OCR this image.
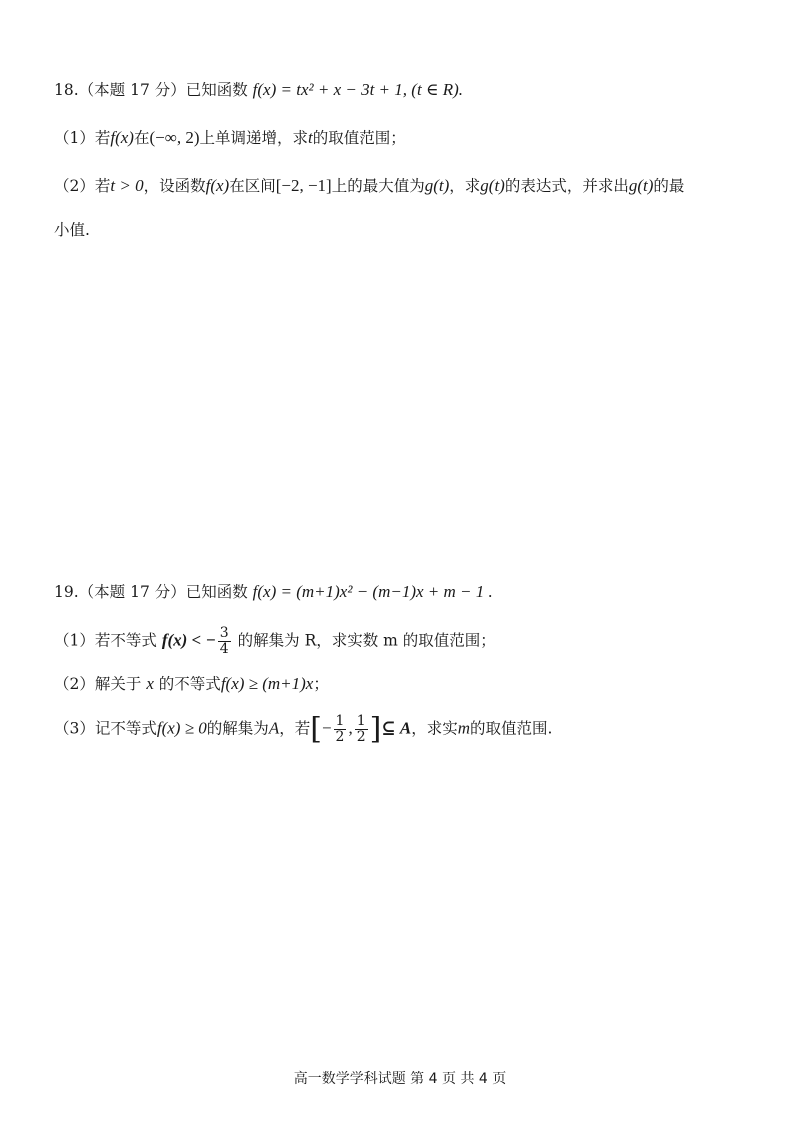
18.（本题 17 分）已知函数 f(x) = tx² + x − 3t + 1, (t ∈ R).
（1）若f(x)在(−∞, 2)上单调递增，求t的取值范围；
（2）若t > 0，设函数f(x)在区间[−2, −1]上的最大值为g(t)，求g(t)的表达式，并求出g(t)的最
小值.
19.（本题 17 分）已知函数 f(x) = (m+1)x² − (m−1)x + m − 1 .
（1）若不等式 f(x) < − $\frac{3}{4}$ 的解集为 R，求实数 m 的取值范围；
（2）解关于 x 的不等式f(x) ≥ (m+1)x；
（3）记不等式f(x) ≥ 0的解集为A，若[− $\frac{1}{2}$ , $\frac{1}{2}$ ]⊆ A，求实m的取值范围.
高一数学学科试题 第 4 页 共 4 页
